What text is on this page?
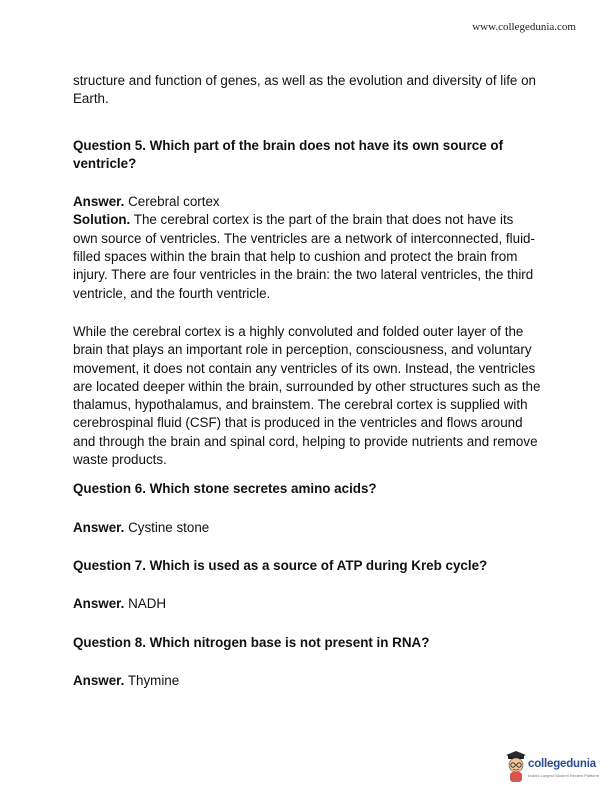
www.collegedunia.com

structure and function of genes, as well as the evolution and diversity of life on Earth.

Question 5. Which part of the brain does not have its own source of ventricle?

Answer. Cerebral cortex

Solution. The cerebral cortex is the part of the brain that does not have its own source of ventricles. The ventricles are a network of interconnected, fluid-filled spaces within the brain that help to cushion and protect the brain from injury. There are four ventricles in the brain: the two lateral ventricles, the third ventricle, and the fourth ventricle.

While the cerebral cortex is a highly convoluted and folded outer layer of the brain that plays an important role in perception, consciousness, and voluntary movement, it does not contain any ventricles of its own. Instead, the ventricles are located deeper within the brain, surrounded by other structures such as the thalamus, hypothalamus, and brainstem. The cerebral cortex is supplied with cerebrospinal fluid (CSF) that is produced in the ventricles and flows around and through the brain and spinal cord, helping to provide nutrients and remove waste products.

Question 6. Which stone secretes amino acids?

Answer. Cystine stone

Question 7. Which is used as a source of ATP during Kreb cycle?

Answer. NADH

Question 8. Which nitrogen base is not present in RNA?

Answer. Thymine

collegedunia
India's Largest Student Review Platform
